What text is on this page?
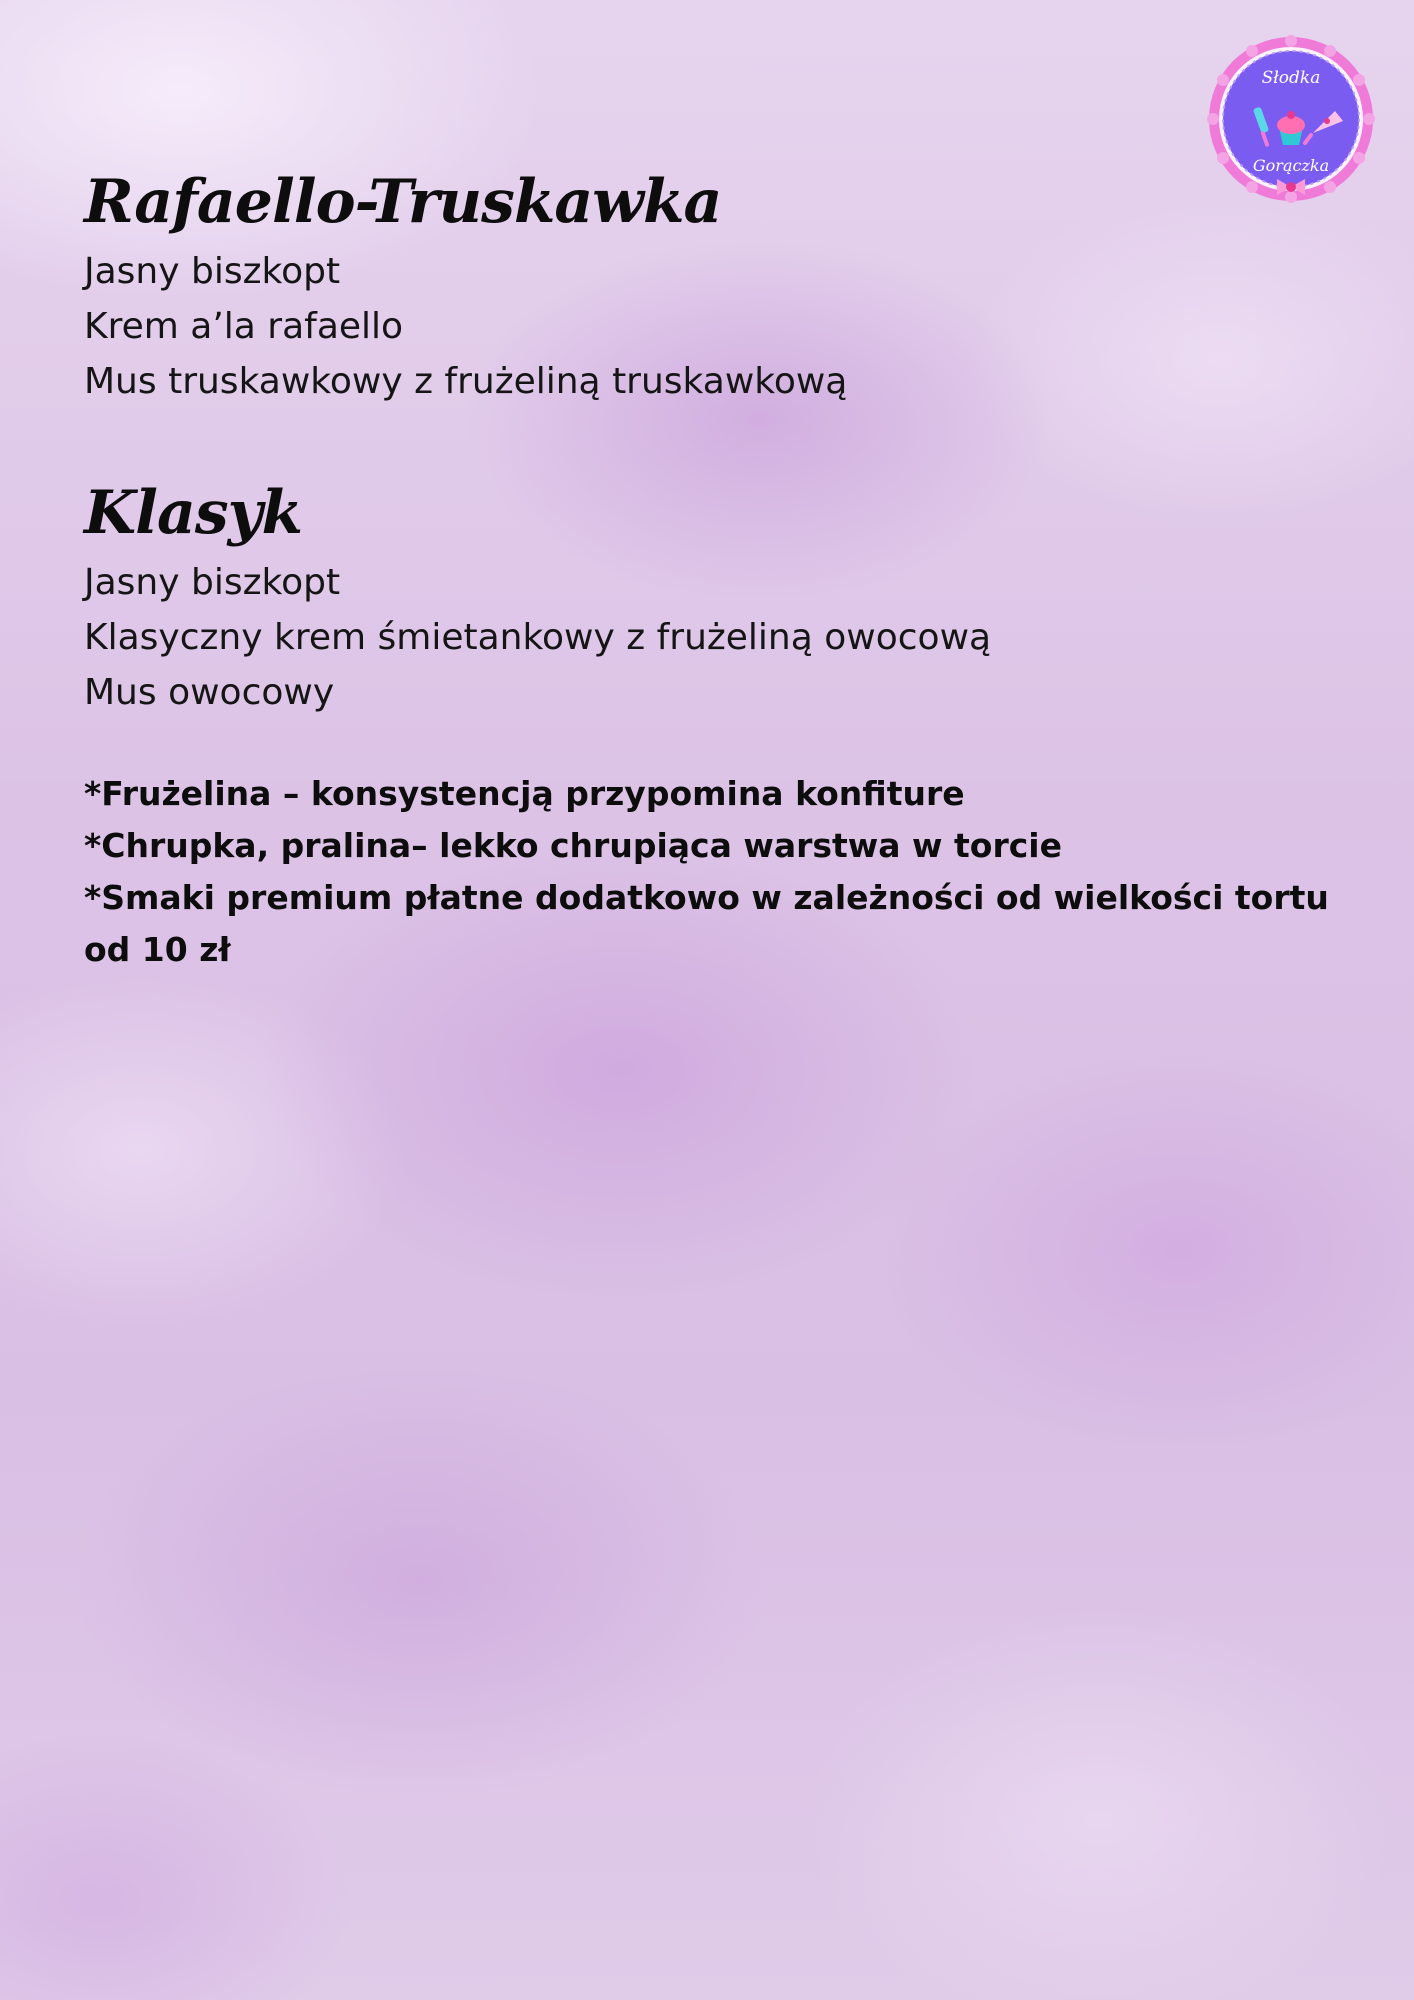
Słodka
Gorączka
Rafaello-Truskawka

Jasny biszkopt

Krem a’la rafaello

Mus truskawkowy z frużeliną truskawkową

Klasyk

Jasny biszkopt

Klasyczny krem śmietankowy z frużeliną owocową

Mus owocowy

*Frużelina – konsystencją przypomina konfiture

*Chrupka, pralina– lekko chrupiąca warstwa w torcie

*Smaki premium płatne dodatkowo w zależności od wielkości tortu od 10 zł
